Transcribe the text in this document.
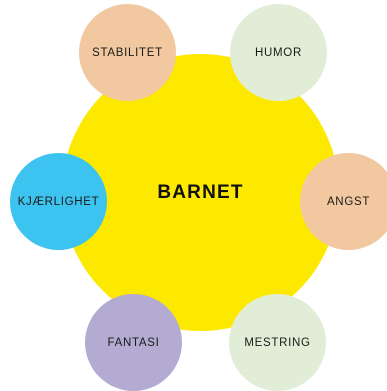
BARNET
STABILITET	HUMOR
KJÆRLIGHET	ANGST
FANTASI	MESTRING
